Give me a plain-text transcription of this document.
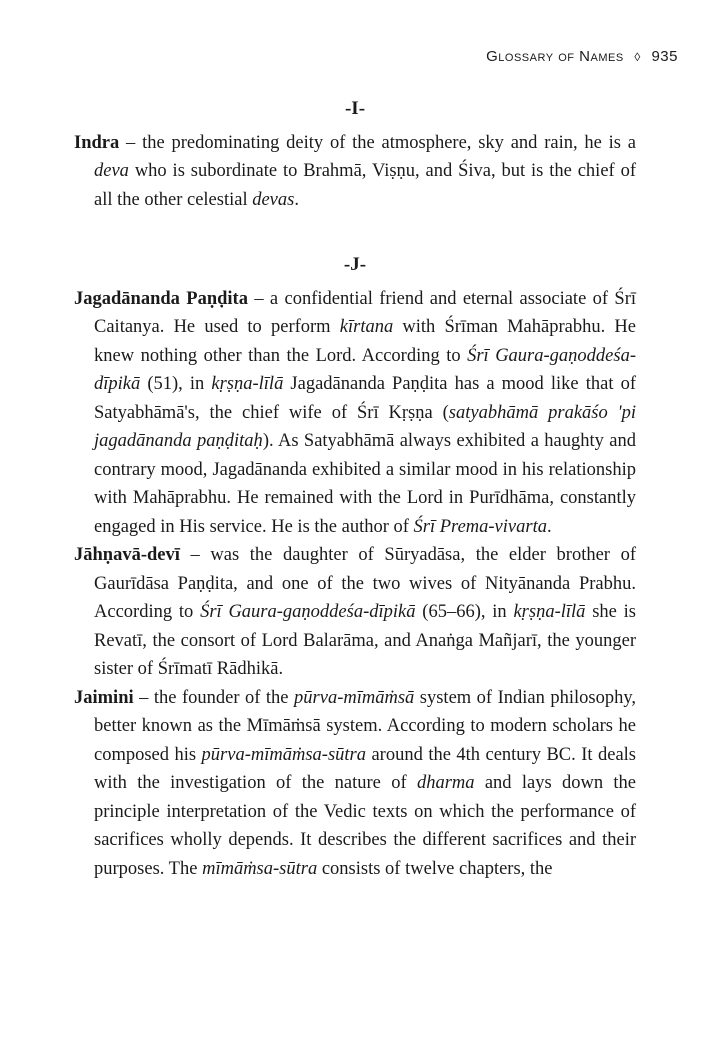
Glossary of Names ◊ 935
-I-

Indra – the predominating deity of the atmosphere, sky and rain, he is a deva who is subordinate to Brahmā, Viṣṇu, and Śiva, but is the chief of all the other celestial devas.

-J-

Jagadānanda Paṇḍita – a confidential friend and eternal associate of Śrī Caitanya. He used to perform kīrtana with Śrīman Mahāprabhu. He knew nothing other than the Lord. According to Śrī Gaura-gaṇoddeśa-dīpikā (51), in kṛṣṇa-līlā Jagadānanda Paṇḍita has a mood like that of Satyabhāmā's, the chief wife of Śrī Kṛṣṇa (satyabhāmā prakāśo 'pi jagadānanda paṇḍitaḥ). As Satyabhāmā always exhibited a haughty and contrary mood, Jagadānanda exhibited a similar mood in his relationship with Mahāprabhu. He remained with the Lord in Purīdhāma, constantly engaged in His service. He is the author of Śrī Prema-vivarta.

Jāhṇavā-devī – was the daughter of Sūryadāsa, the elder brother of Gaurīdāsa Paṇḍita, and one of the two wives of Nityānanda Prabhu. According to Śrī Gaura-gaṇoddeśa-dīpikā (65–66), in kṛṣṇa-līlā she is Revatī, the consort of Lord Balarāma, and Anaṅga Mañjarī, the younger sister of Śrīmatī Rādhikā.

Jaimini – the founder of the pūrva-mīmāṁsā system of Indian philosophy, better known as the Mīmāṁsā system. According to modern scholars he composed his pūrva-mīmāṁsa-sūtra around the 4th century BC. It deals with the investigation of the nature of dharma and lays down the principle interpretation of the Vedic texts on which the performance of sacrifices wholly depends. It describes the different sacrifices and their purposes. The mīmāṁsa-sūtra consists of twelve chapters, the
